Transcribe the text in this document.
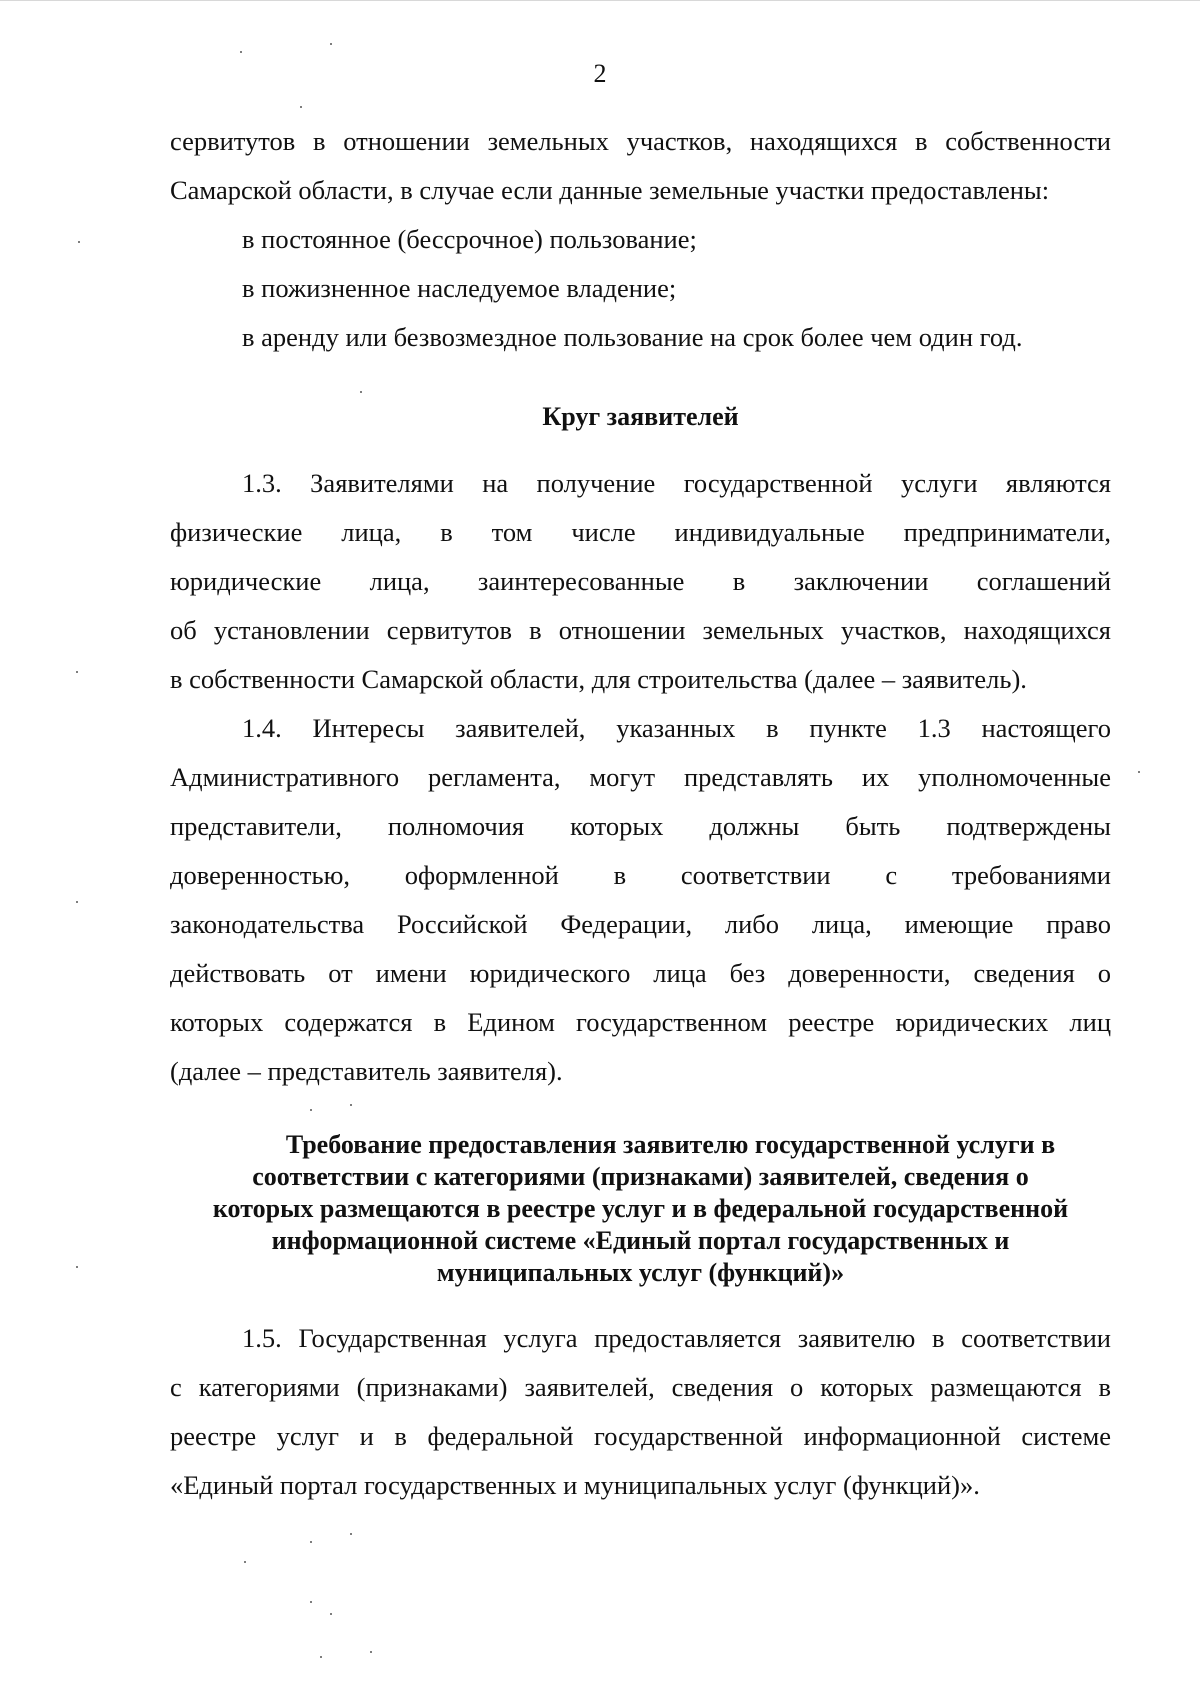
2
сервитутов в отношении земельных участков, находящихся в собственности
Самарской области, в случае если данные земельные участки предоставлены:
в постоянное (бессрочное) пользование;
в пожизненное наследуемое владение;
в аренду или безвозмездное пользование на срок более чем один год.
Круг заявителей
1.3. Заявителями на получение государственной услуги являются
физические лица, в том числе индивидуальные предприниматели,
юридические лица, заинтересованные в заключении соглашений
об установлении сервитутов в отношении земельных участков, находящихся
в собственности Самарской области, для строительства (далее – заявитель).
1.4. Интересы заявителей, указанных в пункте 1.3 настоящего
Административного регламента, могут представлять их уполномоченные
представители, полномочия которых должны быть подтверждены
доверенностью, оформленной в соответствии с требованиями
законодательства Российской Федерации, либо лица, имеющие право
действовать от имени юридического лица без доверенности, сведения о
которых содержатся в Едином государственном реестре юридических лиц
(далее – представитель заявителя).
Требование предоставления заявителю государственной услуги в
соответствии с категориями (признаками) заявителей, сведения о
которых размещаются в реестре услуг и в федеральной государственной
информационной системе «Единый портал государственных и
муниципальных услуг (функций)»
1.5. Государственная услуга предоставляется заявителю в соответствии
с категориями (признаками) заявителей, сведения о которых размещаются в
реестре услуг и в федеральной государственной информационной системе
«Единый портал государственных и муниципальных услуг (функций)».
